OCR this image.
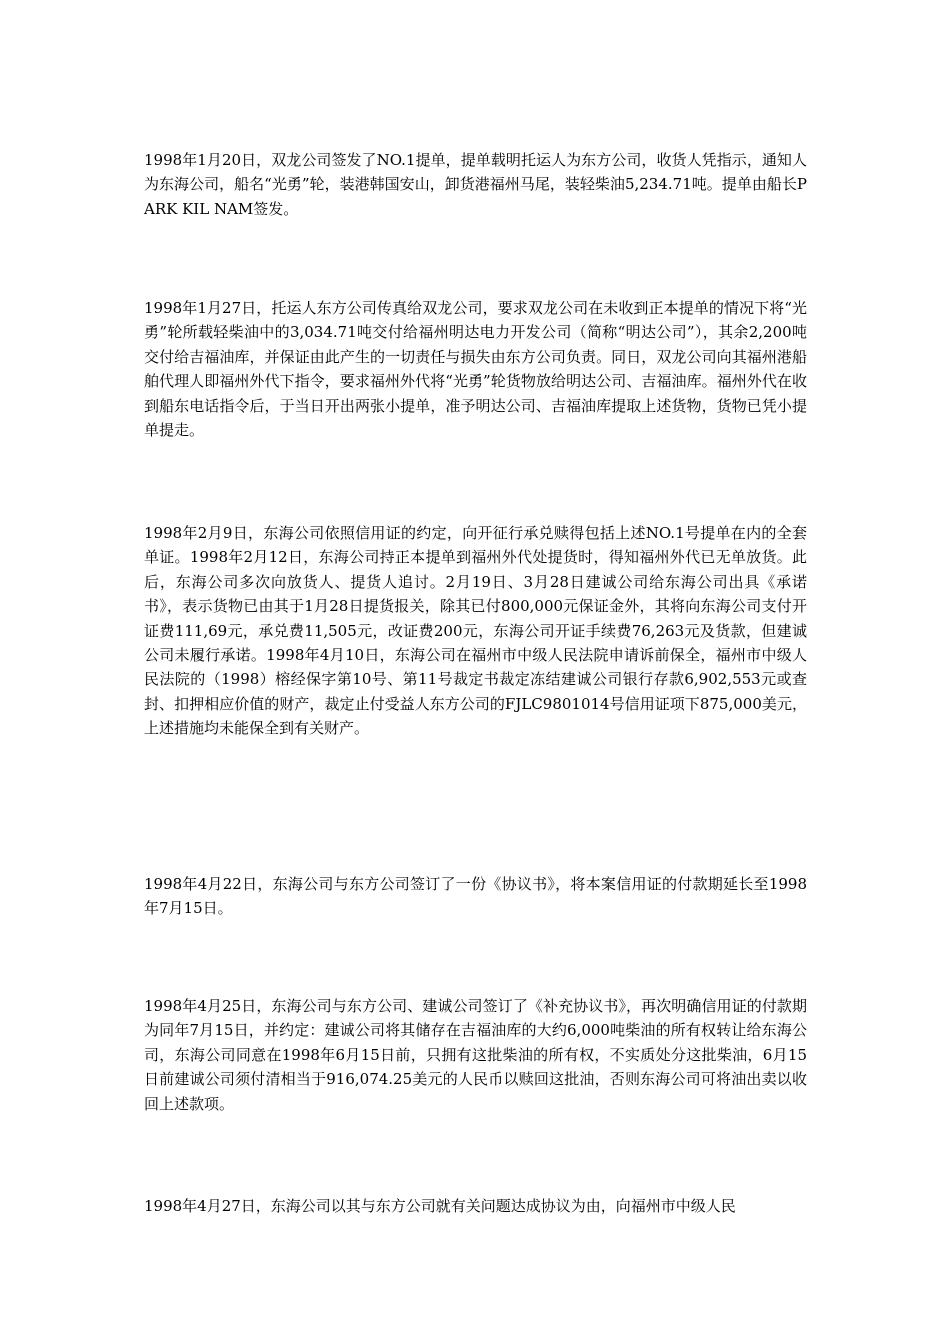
1998年1月20日，双龙公司签发了NO.1提单，提单载明托运人为东方公司，收货人凭指示，通知人为东海公司，船名“光勇”轮，装港韩国安山，卸货港福州马尾，装轻柴油5,234.71吨。提单由船长PARK KIL NAM签发。

1998年1月27日，托运人东方公司传真给双龙公司，要求双龙公司在未收到正本提单的情况下将“光勇”轮所载轻柴油中的3,034.71吨交付给福州明达电力开发公司（简称“明达公司”），其余2,200吨交付给吉福油库，并保证由此产生的一切责任与损失由东方公司负责。同日，双龙公司向其福州港船舶代理人即福州外代下指令，要求福州外代将“光勇”轮货物放给明达公司、吉福油库。福州外代在收到船东电话指令后，于当日开出两张小提单，准予明达公司、吉福油库提取上述货物，货物已凭小提单提走。

1998年2月9日，东海公司依照信用证的约定，向开征行承兑赎得包括上述NO.1号提单在内的全套单证。1998年2月12日，东海公司持正本提单到福州外代处提货时，得知福州外代已无单放货。此后，东海公司多次向放货人、提货人追讨。2月19日、3月28日建诚公司给东海公司出具《承诺书》，表示货物已由其于1月28日提货报关，除其已付800,000元保证金外，其将向东海公司支付开证费111,69元，承兑费11,505元，改证费200元，东海公司开证手续费76,263元及货款，但建诚公司未履行承诺。1998年4月10日，东海公司在福州市中级人民法院申请诉前保全，福州市中级人民法院的（1998）榕经保字第10号、第11号裁定书裁定冻结建诚公司银行存款6,902,553元或查封、扣押相应价值的财产，裁定止付受益人东方公司的FJLC9801014号信用证项下875,000美元，上述措施均未能保全到有关财产。

1998年4月22日，东海公司与东方公司签订了一份《协议书》，将本案信用证的付款期延长至1998年7月15日。

1998年4月25日，东海公司与东方公司、建诚公司签订了《补充协议书》，再次明确信用证的付款期为同年7月15日，并约定：建诚公司将其储存在吉福油库的大约6,000吨柴油的所有权转让给东海公司，东海公司同意在1998年6月15日前，只拥有这批柴油的所有权，不实质处分这批柴油，6月15日前建诚公司须付清相当于916,074.25美元的人民币以赎回这批油，否则东海公司可将油出卖以收回上述款项。

1998年4月27日，东海公司以其与东方公司就有关问题达成协议为由，向福州市中级人民
